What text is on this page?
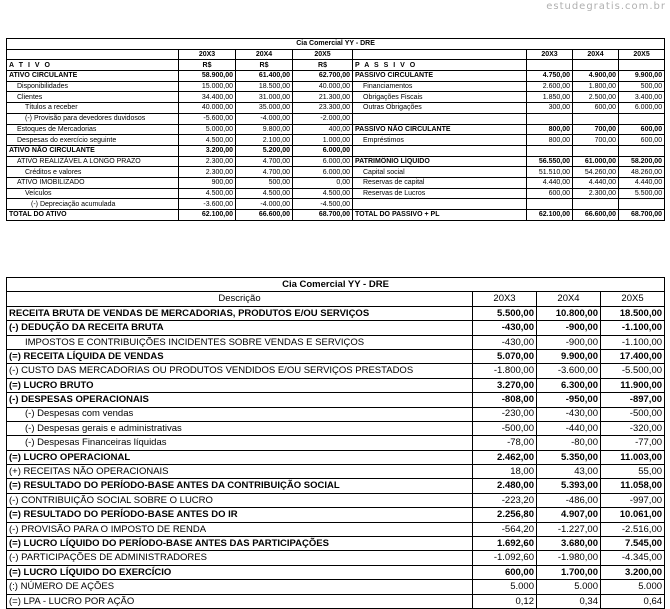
estudegratis.com.br
Cia Comercial YY - DRE							
	20X3	20X4	20X5		20X3	20X4	20X5
A T I V O	R$	R$	R$	P A S S I V O			
ATIVO CIRCULANTE	58.900,00	61.400,00	62.700,00	PASSIVO CIRCULANTE	4.750,00	4.900,00	9.900,00
Disponibilidades	15.000,00	18.500,00	40.000,00	Financiamentos	2.600,00	1.800,00	500,00
Clientes	34.400,00	31.000,00	21.300,00	Obrigações Fiscais	1.850,00	2.500,00	3.400,00
Títulos a receber	40.000,00	35.000,00	23.300,00	Outras Obrigações	300,00	600,00	6.000,00
(-) Provisão para devedores duvidosos	-5.600,00	-4.000,00	-2.000,00				
Estoques de Mercadorias	5.000,00	9.800,00	400,00	PASSIVO NÃO CIRCULANTE	800,00	700,00	600,00
Despesas do exercício seguinte	4.500,00	2.100,00	1.000,00	Empréstimos	800,00	700,00	600,00
ATIVO NÃO CIRCULANTE	3.200,00	5.200,00	6.000,00				
ATIVO REALIZÁVEL A LONGO PRAZO	2.300,00	4.700,00	6.000,00	PATRIMÔNIO LÍQUIDO	56.550,00	61.000,00	58.200,00
Créditos e valores	2.300,00	4.700,00	6.000,00	Capital social	51.510,00	54.260,00	48.260,00
ATIVO IMOBILIZADO	900,00	500,00	0,00	Reservas de capital	4.440,00	4.440,00	4.440,00
Veículos	4.500,00	4.500,00	4.500,00	Reservas de Lucros	600,00	2.300,00	5.500,00
(-) Depreciação acumulada	-3.600,00	-4.000,00	-4.500,00				
TOTAL DO ATIVO	62.100,00	66.600,00	68.700,00	TOTAL DO PASSIVO + PL	62.100,00	66.600,00	68.700,00
Cia Comercial YY - DRE			
Descrição	20X3	20X4	20X5
RECEITA BRUTA DE VENDAS DE MERCADORIAS, PRODUTOS E/OU SERVIÇOS	5.500,00	10.800,00	18.500,00
(-) DEDUÇÃO DA RECEITA BRUTA	-430,00	-900,00	-1.100,00
IMPOSTOS E CONTRIBUIÇÕES INCIDENTES SOBRE VENDAS E SERVIÇOS	-430,00	-900,00	-1.100,00
(=) RECEITA LÍQUIDA DE VENDAS	5.070,00	9.900,00	17.400,00
(-) CUSTO DAS MERCADORIAS OU PRODUTOS VENDIDOS E/OU SERVIÇOS PRESTADOS	-1.800,00	-3.600,00	-5.500,00
(=) LUCRO BRUTO	3.270,00	6.300,00	11.900,00
(-) DESPESAS OPERACIONAIS	-808,00	-950,00	-897,00
(-) Despesas com vendas	-230,00	-430,00	-500,00
(-) Despesas gerais e administrativas	-500,00	-440,00	-320,00
(-) Despesas Financeiras líquidas	-78,00	-80,00	-77,00
(=) LUCRO OPERACIONAL	2.462,00	5.350,00	11.003,00
(+) RECEITAS NÃO OPERACIONAIS	18,00	43,00	55,00
(=) RESULTADO DO PERÍODO-BASE ANTES DA CONTRIBUIÇÃO SOCIAL	2.480,00	5.393,00	11.058,00
(-) CONTRIBUIÇÃO SOCIAL SOBRE O LUCRO	-223,20	-486,00	-997,00
(=) RESULTADO DO PERÍODO-BASE ANTES DO IR	2.256,80	4.907,00	10.061,00
(-) PROVISÃO PARA O IMPOSTO DE RENDA	-564,20	-1.227,00	-2.516,00
(=) LUCRO LÍQUIDO DO PERÍODO-BASE ANTES DAS PARTICIPAÇÕES	1.692,60	3.680,00	7.545,00
(-) PARTICIPAÇÕES DE ADMINISTRADORES	-1.092,60	-1.980,00	-4.345,00
(=) LUCRO LÍQUIDO DO EXERCÍCIO	600,00	1.700,00	3.200,00
(:) NÚMERO DE AÇÕES	5.000	5.000	5.000
(=) LPA - LUCRO POR AÇÃO	0,12	0,34	0,64
